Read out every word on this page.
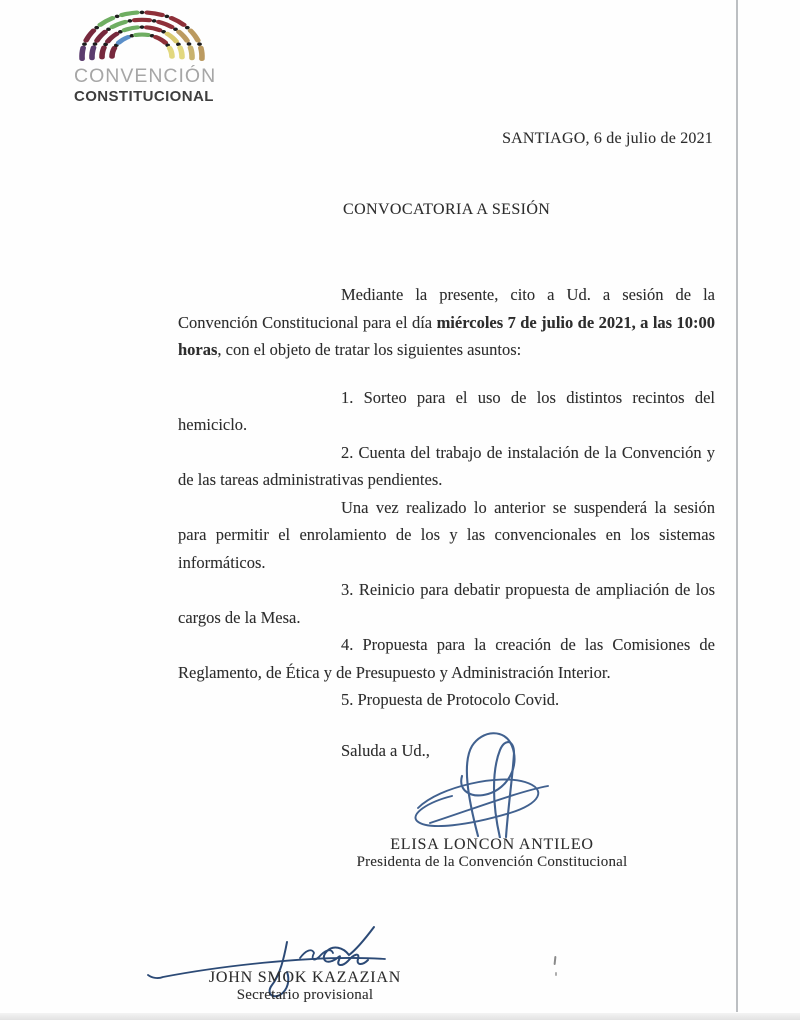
CONVENCIÓN
CONSTITUCIONAL
SANTIAGO, 6 de julio de 2021
CONVOCATORIA A SESIÓN

Mediante la presente, cito a Ud. a sesión de la Convención Constitucional para el día miércoles 7 de julio de 2021, a las 10:00 horas, con el objeto de tratar los siguientes asuntos:

1. Sorteo para el uso de los distintos recintos del hemiciclo.

2. Cuenta del trabajo de instalación de la Convención y de las tareas administrativas pendientes.

Una vez realizado lo anterior se suspenderá la sesión para permitir el enrolamiento de los y las convencionales en los sistemas informáticos.

3. Reinicio para debatir propuesta de ampliación de los cargos de la Mesa.

4. Propuesta para la creación de las Comisiones de Reglamento, de Ética y de Presupuesto y Administración Interior.

5. Propuesta de Protocolo Covid.

Saluda a Ud.,

ELISA LONCON ANTILEO
Presidenta de la Convención Constitucional
JOHN SMOK KAZAZIAN
Secretario provisional
